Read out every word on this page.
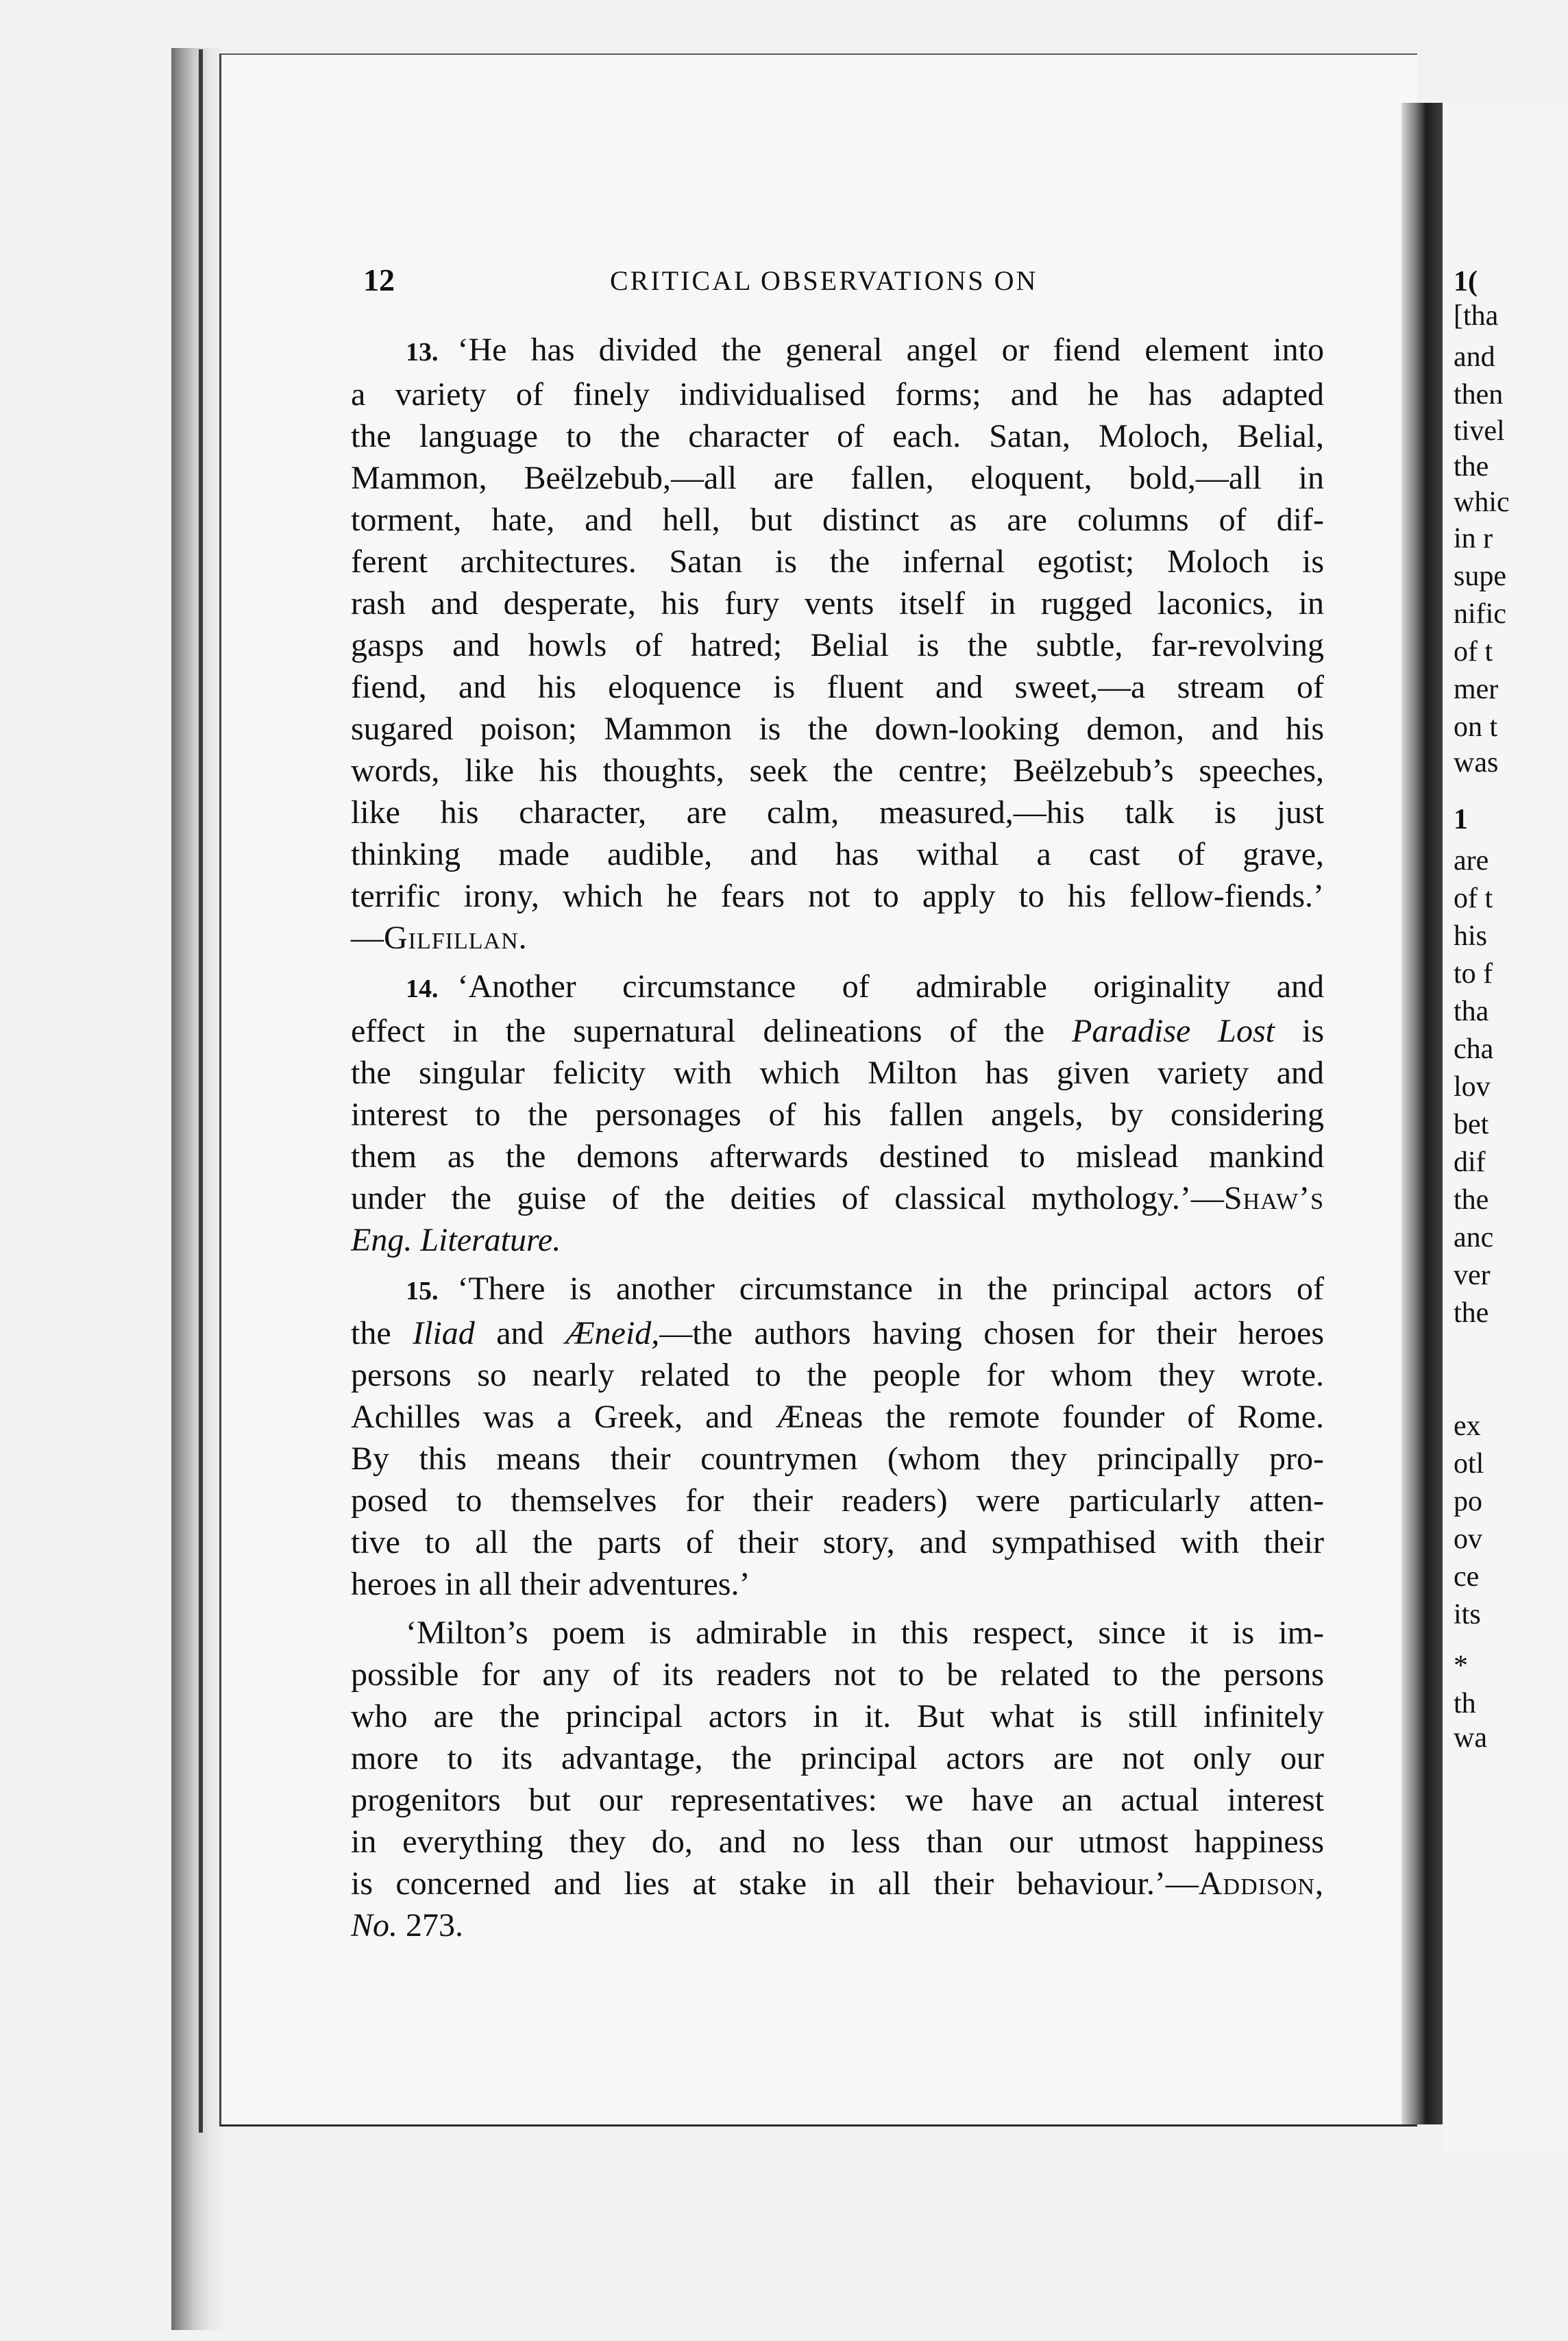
1(
[tha
and
then
tivel
the
whic
in r
supe
nific
of t
mer
on t
was
1
are
of t
his
to f
tha
cha
lov
bet
dif
the
anc
ver
the
ex
otl
po
ov
ce
its
*
th
wa
12	CRITICAL OBSERVATIONS ON
13. ‘He has divided the general angel or fiend element into
a variety of finely individualised forms; and he has adapted
the language to the character of each. Satan, Moloch, Belial,
Mammon, Beëlzebub,—all are fallen, eloquent, bold,—all in
torment, hate, and hell, but distinct as are columns of dif-
ferent architectures. Satan is the infernal egotist; Moloch is
rash and desperate, his fury vents itself in rugged laconics, in
gasps and howls of hatred; Belial is the subtle, far-revolving
fiend, and his eloquence is fluent and sweet,—a stream of
sugared poison; Mammon is the down-looking demon, and his
words, like his thoughts, seek the centre; Beëlzebub’s speeches,
like his character, are calm, measured,—his talk is just
thinking made audible, and has withal a cast of grave,
terrific irony, which he fears not to apply to his fellow-fiends.’
—Gilfillan.
14. ‘Another circumstance of admirable originality and
effect in the supernatural delineations of the Paradise Lost is
the singular felicity with which Milton has given variety and
interest to the personages of his fallen angels, by considering
them as the demons afterwards destined to mislead mankind
under the guise of the deities of classical mythology.’—Shaw’s
Eng. Literature.
15. ‘There is another circumstance in the principal actors of
the Iliad and Æneid,—the authors having chosen for their heroes
persons so nearly related to the people for whom they wrote.
Achilles was a Greek, and Æneas the remote founder of Rome.
By this means their countrymen (whom they principally pro-
posed to themselves for their readers) were particularly atten-
tive to all the parts of their story, and sympathised with their
heroes in all their adventures.’
‘Milton’s poem is admirable in this respect, since it is im-
possible for any of its readers not to be related to the persons
who are the principal actors in it. But what is still infinitely
more to its advantage, the principal actors are not only our
progenitors but our representatives: we have an actual interest
in everything they do, and no less than our utmost happiness
is concerned and lies at stake in all their behaviour.’—Addison,
No. 273.
